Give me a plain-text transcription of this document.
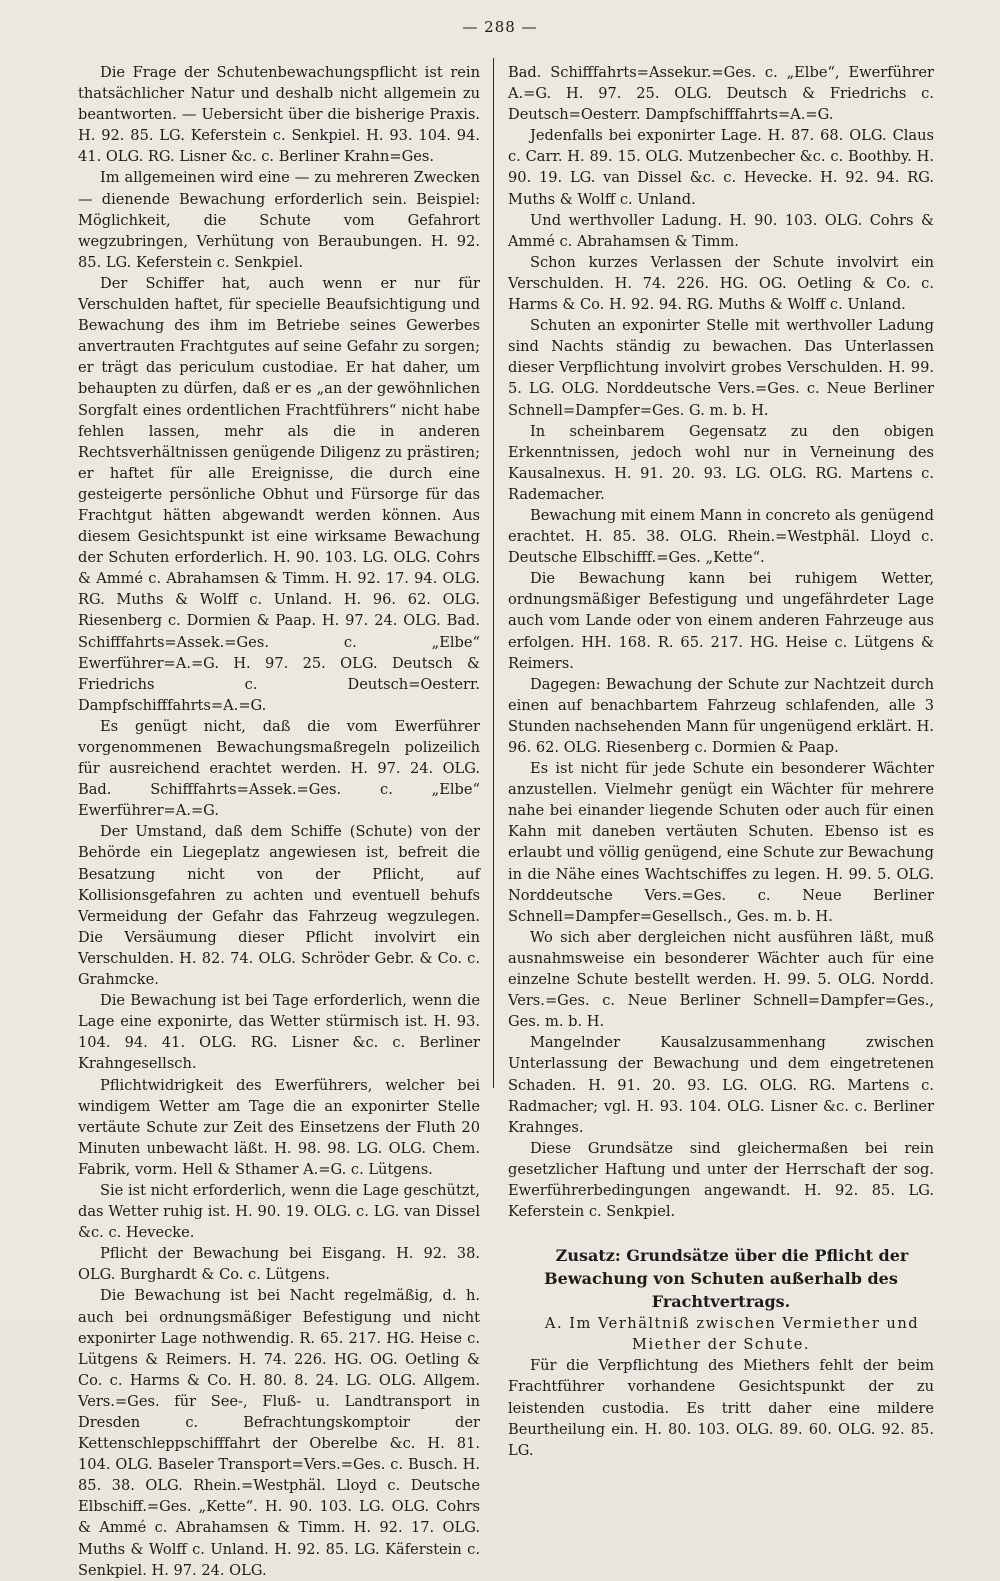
— 288 —

Die Frage der Schutenbewachungspflicht ist rein thatsächlicher Natur und deshalb nicht allgemein zu beantworten. — Uebersicht über die bisherige Praxis. H. 92. 85. LG. Keferstein c. Senkpiel. H. 93. 104. 94. 41. OLG. RG. Lisner &c. c. Berliner Krahn=Ges.

Im allgemeinen wird eine — zu mehreren Zwecken — dienende Bewachung erforderlich sein. Beispiel: Möglichkeit, die Schute vom Gefahrort wegzubringen, Verhütung von Beraubungen. H. 92. 85. LG. Keferstein c. Senkpiel.

Der Schiffer hat, auch wenn er nur für Verschulden haftet, für specielle Beaufsichtigung und Bewachung des ihm im Betriebe seines Gewerbes anvertrauten Frachtgutes auf seine Gefahr zu sorgen; er trägt das periculum custodiae. Er hat daher, um behaupten zu dürfen, daß er es „an der gewöhnlichen Sorgfalt eines ordentlichen Frachtführers“ nicht habe fehlen lassen, mehr als die in anderen Rechtsverhältnissen genügende Diligenz zu prästiren; er haftet für alle Ereignisse, die durch eine gesteigerte persönliche Obhut und Fürsorge für das Frachtgut hätten abgewandt werden können. Aus diesem Gesichtspunkt ist eine wirksame Bewachung der Schuten erforderlich. H. 90. 103. LG. OLG. Cohrs & Ammé c. Abrahamsen & Timm. H. 92. 17. 94. OLG. RG. Muths & Wolff c. Unland. H. 96. 62. OLG. Riesenberg c. Dormien & Paap. H. 97. 24. OLG. Bad. Schifffahrts=Assek.=Ges. c. „Elbe“ Ewerführer=A.=G. H. 97. 25. OLG. Deutsch & Friedrichs c. Deutsch=Oesterr. Dampfschifffahrts=A.=G.

Es genügt nicht, daß die vom Ewerführer vorgenommenen Bewachungsmaßregeln polizeilich für ausreichend erachtet werden. H. 97. 24. OLG. Bad. Schifffahrts=Assek.=Ges. c. „Elbe“ Ewerführer=A.=G.

Der Umstand, daß dem Schiffe (Schute) von der Behörde ein Liegeplatz angewiesen ist, befreit die Besatzung nicht von der Pflicht, auf Kollisionsgefahren zu achten und eventuell behufs Vermeidung der Gefahr das Fahrzeug wegzulegen. Die Versäumung dieser Pflicht involvirt ein Verschulden. H. 82. 74. OLG. Schröder Gebr. & Co. c. Grahmcke.

Die Bewachung ist bei Tage erforderlich, wenn die Lage eine exponirte, das Wetter stürmisch ist. H. 93. 104. 94. 41. OLG. RG. Lisner &c. c. Berliner Krahngesellsch.

Pflichtwidrigkeit des Ewerführers, welcher bei windigem Wetter am Tage die an exponirter Stelle vertäute Schute zur Zeit des Einsetzens der Fluth 20 Minuten unbewacht läßt. H. 98. 98. LG. OLG. Chem. Fabrik, vorm. Hell & Sthamer A.=G. c. Lütgens.

Sie ist nicht erforderlich, wenn die Lage geschützt, das Wetter ruhig ist. H. 90. 19. OLG. c. LG. van Dissel &c. c. Hevecke.

Pflicht der Bewachung bei Eisgang. H. 92. 38. OLG. Burghardt & Co. c. Lütgens.

Die Bewachung ist bei Nacht regelmäßig, d. h. auch bei ordnungsmäßiger Befestigung und nicht exponirter Lage nothwendig. R. 65. 217. HG. Heise c. Lütgens & Reimers. H. 74. 226. HG. OG. Oetling & Co. c. Harms & Co. H. 80. 8. 24. LG. OLG. Allgem. Vers.=Ges. für See-, Fluß- u. Landtransport in Dresden c. Befrachtungskomptoir der Kettenschleppschifffahrt der Oberelbe &c. H. 81. 104. OLG. Baseler Transport=Vers.=Ges. c. Busch. H. 85. 38. OLG. Rhein.=Westphäl. Lloyd c. Deutsche Elbschiff.=Ges. „Kette“. H. 90. 103. LG. OLG. Cohrs & Ammé c. Abrahamsen & Timm. H. 92. 17. OLG. Muths & Wolff c. Unland. H. 92. 85. LG. Käferstein c. Senkpiel. H. 97. 24. OLG.

Bad. Schifffahrts=Assekur.=Ges. c. „Elbe“, Ewerführer A.=G. H. 97. 25. OLG. Deutsch & Friedrichs c. Deutsch=Oesterr. Dampfschifffahrts=A.=G.

Jedenfalls bei exponirter Lage. H. 87. 68. OLG. Claus c. Carr. H. 89. 15. OLG. Mutzenbecher &c. c. Boothby. H. 90. 19. LG. van Dissel &c. c. Hevecke. H. 92. 94. RG. Muths & Wolff c. Unland.

Und werthvoller Ladung. H. 90. 103. OLG. Cohrs & Ammé c. Abrahamsen & Timm.

Schon kurzes Verlassen der Schute involvirt ein Verschulden. H. 74. 226. HG. OG. Oetling & Co. c. Harms & Co. H. 92. 94. RG. Muths & Wolff c. Unland.

Schuten an exponirter Stelle mit werthvoller Ladung sind Nachts ständig zu bewachen. Das Unterlassen dieser Verpflichtung involvirt grobes Verschulden. H. 99. 5. LG. OLG. Norddeutsche Vers.=Ges. c. Neue Berliner Schnell=Dampfer=Ges. G. m. b. H.

In scheinbarem Gegensatz zu den obigen Erkenntnissen, jedoch wohl nur in Verneinung des Kausalnexus. H. 91. 20. 93. LG. OLG. RG. Martens c. Rademacher.

Bewachung mit einem Mann in concreto als genügend erachtet. H. 85. 38. OLG. Rhein.=Westphäl. Lloyd c. Deutsche Elbschifff.=Ges. „Kette“.

Die Bewachung kann bei ruhigem Wetter, ordnungsmäßiger Befestigung und ungefährdeter Lage auch vom Lande oder von einem anderen Fahrzeuge aus erfolgen. HH. 168. R. 65. 217. HG. Heise c. Lütgens & Reimers.

Dagegen: Bewachung der Schute zur Nachtzeit durch einen auf benachbartem Fahrzeug schlafenden, alle 3 Stunden nachsehenden Mann für ungenügend erklärt. H. 96. 62. OLG. Riesenberg c. Dormien & Paap.

Es ist nicht für jede Schute ein besonderer Wächter anzustellen. Vielmehr genügt ein Wächter für mehrere nahe bei einander liegende Schuten oder auch für einen Kahn mit daneben vertäuten Schuten. Ebenso ist es erlaubt und völlig genügend, eine Schute zur Bewachung in die Nähe eines Wachtschiffes zu legen. H. 99. 5. OLG. Norddeutsche Vers.=Ges. c. Neue Berliner Schnell=Dampfer=Gesellsch., Ges. m. b. H.

Wo sich aber dergleichen nicht ausführen läßt, muß ausnahmsweise ein besonderer Wächter auch für eine einzelne Schute bestellt werden. H. 99. 5. OLG. Nordd. Vers.=Ges. c. Neue Berliner Schnell=Dampfer=Ges., Ges. m. b. H.

Mangelnder Kausalzusammenhang zwischen Unterlassung der Bewachung und dem eingetretenen Schaden. H. 91. 20. 93. LG. OLG. RG. Martens c. Radmacher; vgl. H. 93. 104. OLG. Lisner &c. c. Berliner Krahnges.

Diese Grundsätze sind gleichermaßen bei rein gesetzlicher Haftung und unter der Herrschaft der sog. Ewerführerbedingungen angewandt. H. 92. 85. LG. Keferstein c. Senkpiel.

Zusatz: Grundsätze über die Pflicht der Bewachung von Schuten außerhalb des Frachtvertrags.

A. Im Verhältniß zwischen Vermiether und Miether der Schute.

Für die Verpflichtung des Miethers fehlt der beim Frachtführer vorhandene Gesichtspunkt der zu leistenden custodia. Es tritt daher eine mildere Beurtheilung ein. H. 80. 103. OLG. 89. 60. OLG. 92. 85. LG.
